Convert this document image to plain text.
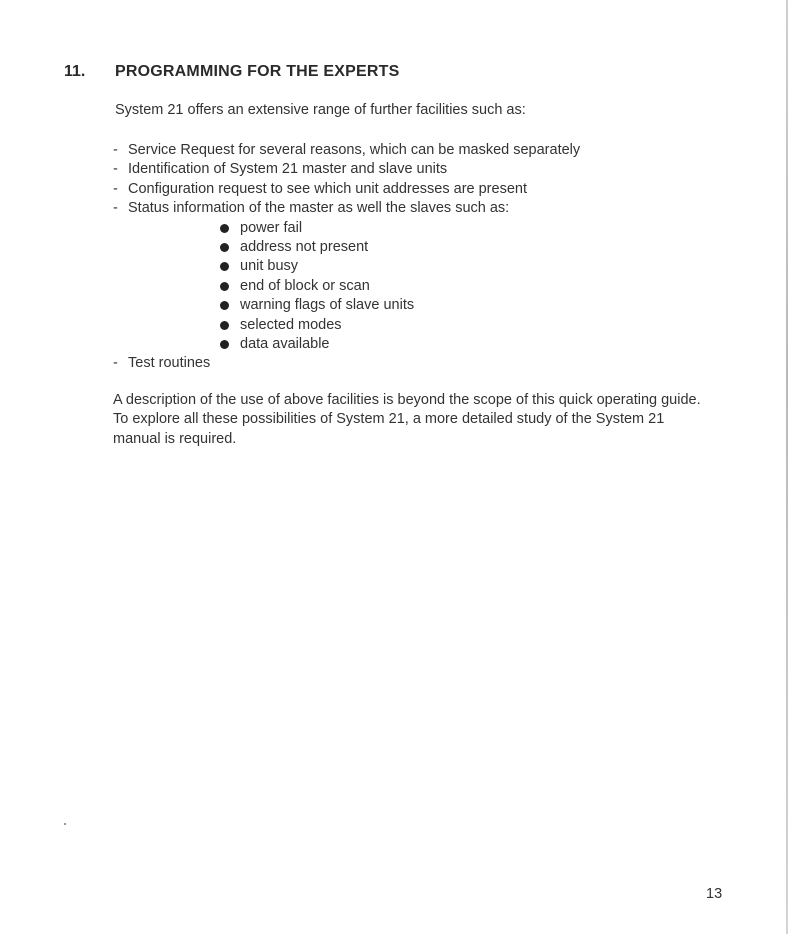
11. PROGRAMMING FOR THE EXPERTS
System 21 offers an extensive range of further facilities such as:
- Service Request for several reasons, which can be masked separately
- Identification of System 21 master and slave units
- Configuration request to see which unit addresses are present
- Status information of the master as well the slaves such as:
power fail
address not present
unit busy
end of block or scan
warning flags of slave units
selected modes
data available
- Test routines

A description of the use of above facilities is beyond the scope of this quick operating guide. To explore all these possibilities of System 21, a more detailed study of the System 21 manual is required.

13
